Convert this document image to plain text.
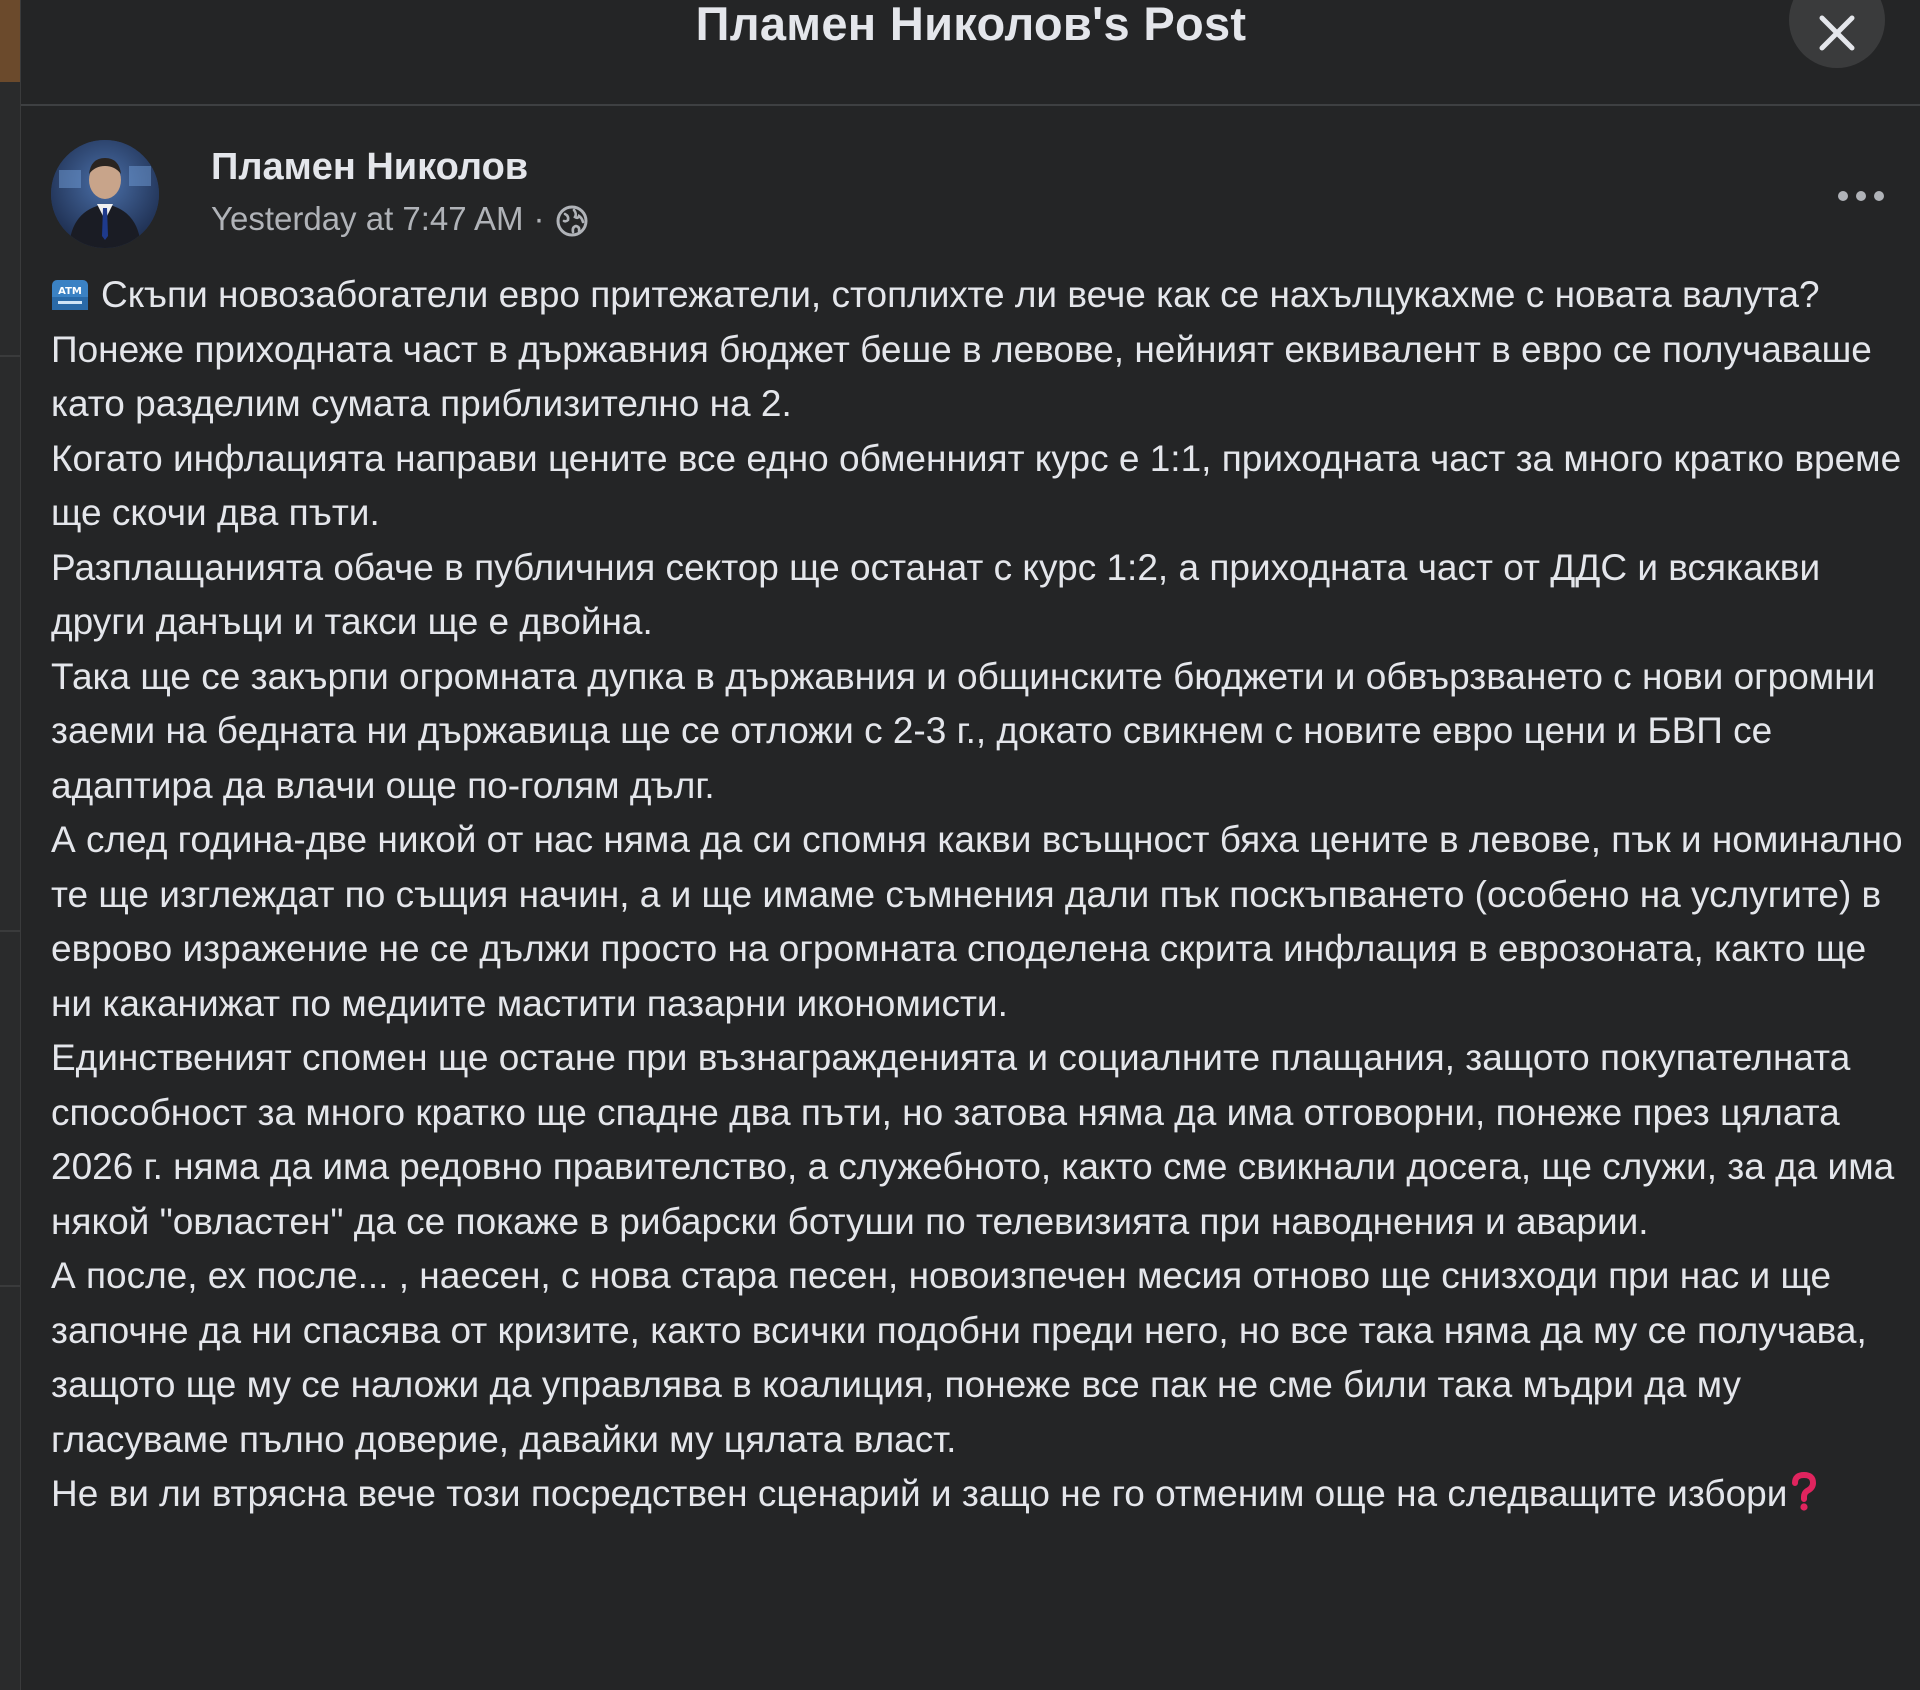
Пламен Николов's Post
Пламен Николов
Yesterday at 7:47 AM ·

ATM Скъпи новозабогатели евро притежатели, стоплихте ли вече как се нахълцукахме с новата валута?

Понеже приходната част в държавния бюджет беше в левове, нейният еквивалент в евро се получаваше като разделим сумата приблизително на 2.

Когато инфлацията направи цените все едно обменният курс е 1:1, приходната част за много кратко време ще скочи два пъти.

Разплащанията обаче в публичния сектор ще останат с курс 1:2, а приходната част от ДДС и всякакви други данъци и такси ще е двойна.

Така ще се закърпи огромната дупка в държавния и общинските бюджети и обвързването с нови огромни заеми на бедната ни държавица ще се отложи с 2-3 г., докато свикнем с новите евро цени и БВП се адаптира да влачи още по-голям дълг.

А след година-две никой от нас няма да си спомня какви всъщност бяха цените в левове, пък и номинално те ще изглеждат по същия начин, а и ще имаме съмнения дали пък поскъпването (особено на услугите) в еврово изражение не се дължи просто на огромната споделена скрита инфлация в еврозоната, както ще ни каканижат по медиите мастити пазарни икономисти.

Единственият спомен ще остане при възнагражденията и социалните плащания, защото покупателната способност за много кратко ще спадне два пъти, но затова няма да има отговорни, понеже през цялата 2026 г. няма да има редовно правителство, а служебното, както сме свикнали досега, ще служи, за да има някой "овластен" да се покаже в рибарски ботуши по телевизията при наводнения и аварии.

А после, ех после... , наесен, с нова стара песен, новоизпечен месия отново ще снизходи при нас и ще започне да ни спасява от кризите, както всички подобни преди него, но все така няма да му се получава, защото ще му се наложи да управлява в коалиция, понеже все пак не сме били така мъдри да му гласуваме пълно доверие, давайки му цялата власт.

Не ви ли втрясна вече този посредствен сценарий и защо не го отменим още на следващите избори
